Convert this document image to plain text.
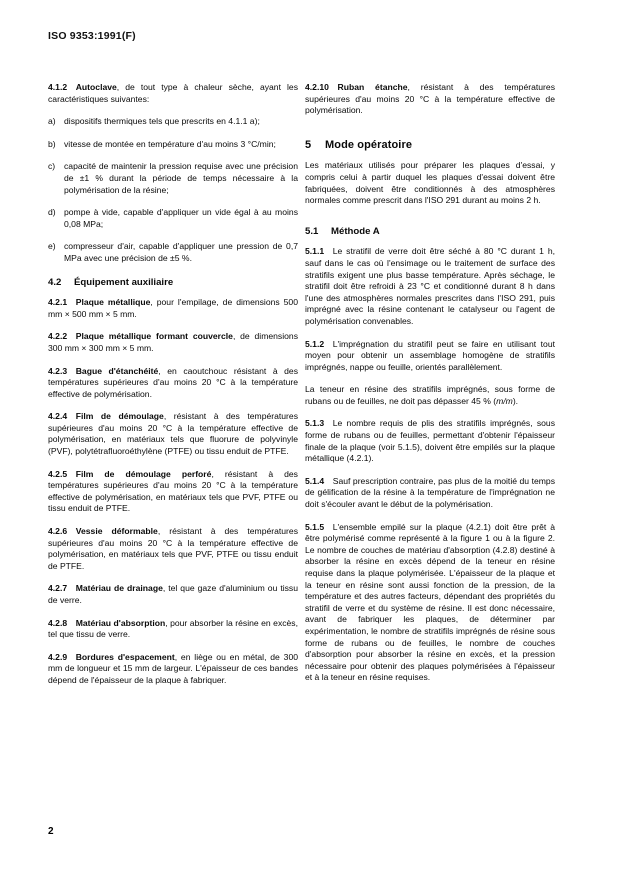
ISO 9353:1991(F)

4.1.2 Autoclave, de tout type à chaleur sèche, ayant les caractéristiques suivantes:

a) dispositifs thermiques tels que prescrits en 4.1.1 a);
b) vitesse de montée en température d'au moins 3 °C/min;
c)	capacité de maintenir la pression requise avec une précision de ±1 % durant la période de temps nécessaire à la polymérisation de la résine;
d) pompe à vide, capable d'appliquer un vide égal à au moins 0,08 MPa;
e) compresseur d'air, capable d'appliquer une pression de 0,7 MPa avec une précision de ±5 %.
4.2 Équipement auxiliaire

4.2.1 Plaque métallique, pour l'empilage, de dimensions 500 mm × 500 mm × 5 mm.

4.2.2 Plaque métallique formant couvercle, de dimensions 300 mm × 300 mm × 5 mm.

4.2.3 Bague d'étanchéité, en caoutchouc résistant à des températures supérieures d'au moins 20 °C à la température effective de polymérisation.

4.2.4 Film de démoulage, résistant à des températures supérieures d'au moins 20 °C à la température effective de polymérisation, en matériaux tels que fluorure de polyvinyle (PVF), polytétrafluoroéthylène (PTFE) ou tissu enduit de PTFE.

4.2.5 Film de démoulage perforé, résistant à des températures supérieures d'au moins 20 °C à la température effective de polymérisation, en matériaux tels que PVF, PTFE ou tissu enduit de PTFE.

4.2.6 Vessie déformable, résistant à des températures supérieures d'au moins 20 °C à la température effective de polymérisation, en matériaux tels que PVF, PTFE ou tissu enduit de PTFE.

4.2.7 Matériau de drainage, tel que gaze d'aluminium ou tissu de verre.

4.2.8 Matériau d'absorption, pour absorber la résine en excès, tel que tissu de verre.

4.2.9 Bordures d'espacement, en liège ou en métal, de 300 mm de longueur et 15 mm de largeur. L'épaisseur de ces bandes dépend de l'épaisseur de la plaque à fabriquer.

4.2.10 Ruban étanche, résistant à des températures supérieures d'au moins 20 °C à la température effective de polymérisation.

5 Mode opératoire

Les matériaux utilisés pour préparer les plaques d'essai, y compris celui à partir duquel les plaques d'essai doivent être fabriquées, doivent être conditionnés à des atmosphères normales comme prescrit dans l'ISO 291 durant au moins 2 h.

5.1 Méthode A

5.1.1 Le stratifil de verre doit être séché à 80 °C durant 1 h, sauf dans le cas où l'ensimage ou le traitement de surface des stratifils exigent une plus basse température. Après séchage, le stratifil doit être refroidi à 23 °C et conditionné durant 8 h dans l'une des atmosphères normales prescrites dans l'ISO 291, puis imprégné avec la résine contenant le catalyseur ou l'agent de polymérisation convenables.

5.1.2 L'imprégnation du stratifil peut se faire en utilisant tout moyen pour obtenir un assemblage homogène de stratifils imprégnés, nappe ou feuille, orientés parallèlement.

La teneur en résine des stratifils imprégnés, sous forme de rubans ou de feuilles, ne doit pas dépasser 45 % (m/m).

5.1.3 Le nombre requis de plis des stratifils imprégnés, sous forme de rubans ou de feuilles, permettant d'obtenir l'épaisseur finale de la plaque (voir 5.1.5), doivent être empilés sur la plaque métallique (4.2.1).

5.1.4 Sauf prescription contraire, pas plus de la moitié du temps de gélification de la résine à la température de l'imprégnation ne doit s'écouler avant le début de la polymérisation.

5.1.5 L'ensemble empilé sur la plaque (4.2.1) doit être prêt à être polymérisé comme représenté à la figure 1 ou à la figure 2. Le nombre de couches de matériau d'absorption (4.2.8) destiné à absorber la résine en excès dépend de la teneur en résine requise dans la plaque polymérisée. L'épaisseur de la plaque et la teneur en résine sont aussi fonction de la pression, de la température et des autres facteurs, dépendant des propriétés du stratifil de verre et du système de résine. Il est donc nécessaire, avant de fabriquer les plaques, de déterminer par expérimentation, le nombre de stratifils imprégnés de résine sous forme de rubans ou de feuilles, le nombre de couches d'absorption pour absorber la résine en excès, et la pression nécessaire pour obtenir des plaques polymérisées à l'épaisseur et à la teneur en résine requises.

2
